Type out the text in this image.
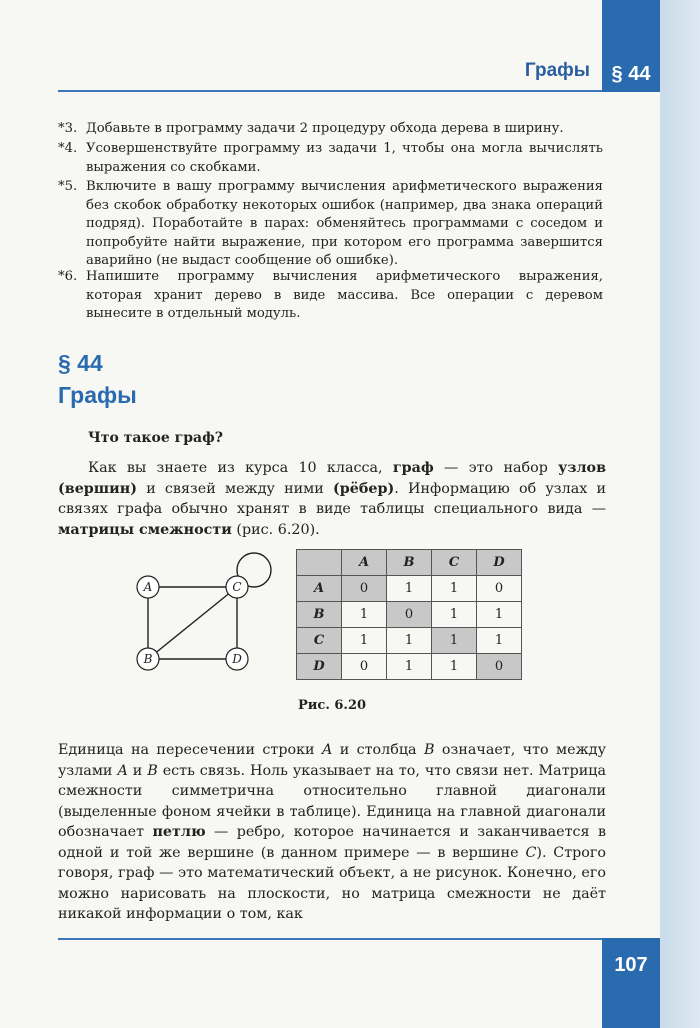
§ 44
Графы
*3. Добавьте в программу задачи 2 процедуру обхода дерева в ширину.
*4. Усовершенствуйте программу из задачи 1, чтобы она могла вычислять выражения со скобками.
*5. Включите в вашу программу вычисления арифметического выражения без скобок обработку некоторых ошибок (например, два знака операций подряд). Поработайте в парах: обменяйтесь программами с соседом и попробуйте найти выражение, при котором его программа завершится аварийно (не выдаст сообщение об ошибке).
*6. Напишите программу вычисления арифметического выражения, которая хранит дерево в виде массива. Все операции с деревом вынесите в отдельный модуль.
§ 44
Графы
Что такое граф?
Как вы знаете из курса 10 класса, граф — это набор узлов (вершин) и связей между ними (рёбер). Информацию об узлах и связях графа обычно хранят в виде таблицы специального вида — матрицы смежности (рис. 6.20).
A
B
C
D
	A	B	C	D
A	0	1	1	0
B	1	0	1	1
C	1	1	1	1
D	0	1	1	0
Рис. 6.20
Единица на пересечении строки A и столбца B означает, что между узлами A и B есть связь. Ноль указывает на то, что связи нет. Матрица смежности симметрична относительно главной диагонали (выделенные фоном ячейки в таблице). Единица на главной диагонали обозначает петлю — ребро, которое начинается и заканчивается в одной и той же вершине (в данном примере — в вершине C). Строго говоря, граф — это математический объект, а не рисунок. Конечно, его можно нарисовать на плоскости, но матрица смежности не даёт никакой информации о том, как
107
